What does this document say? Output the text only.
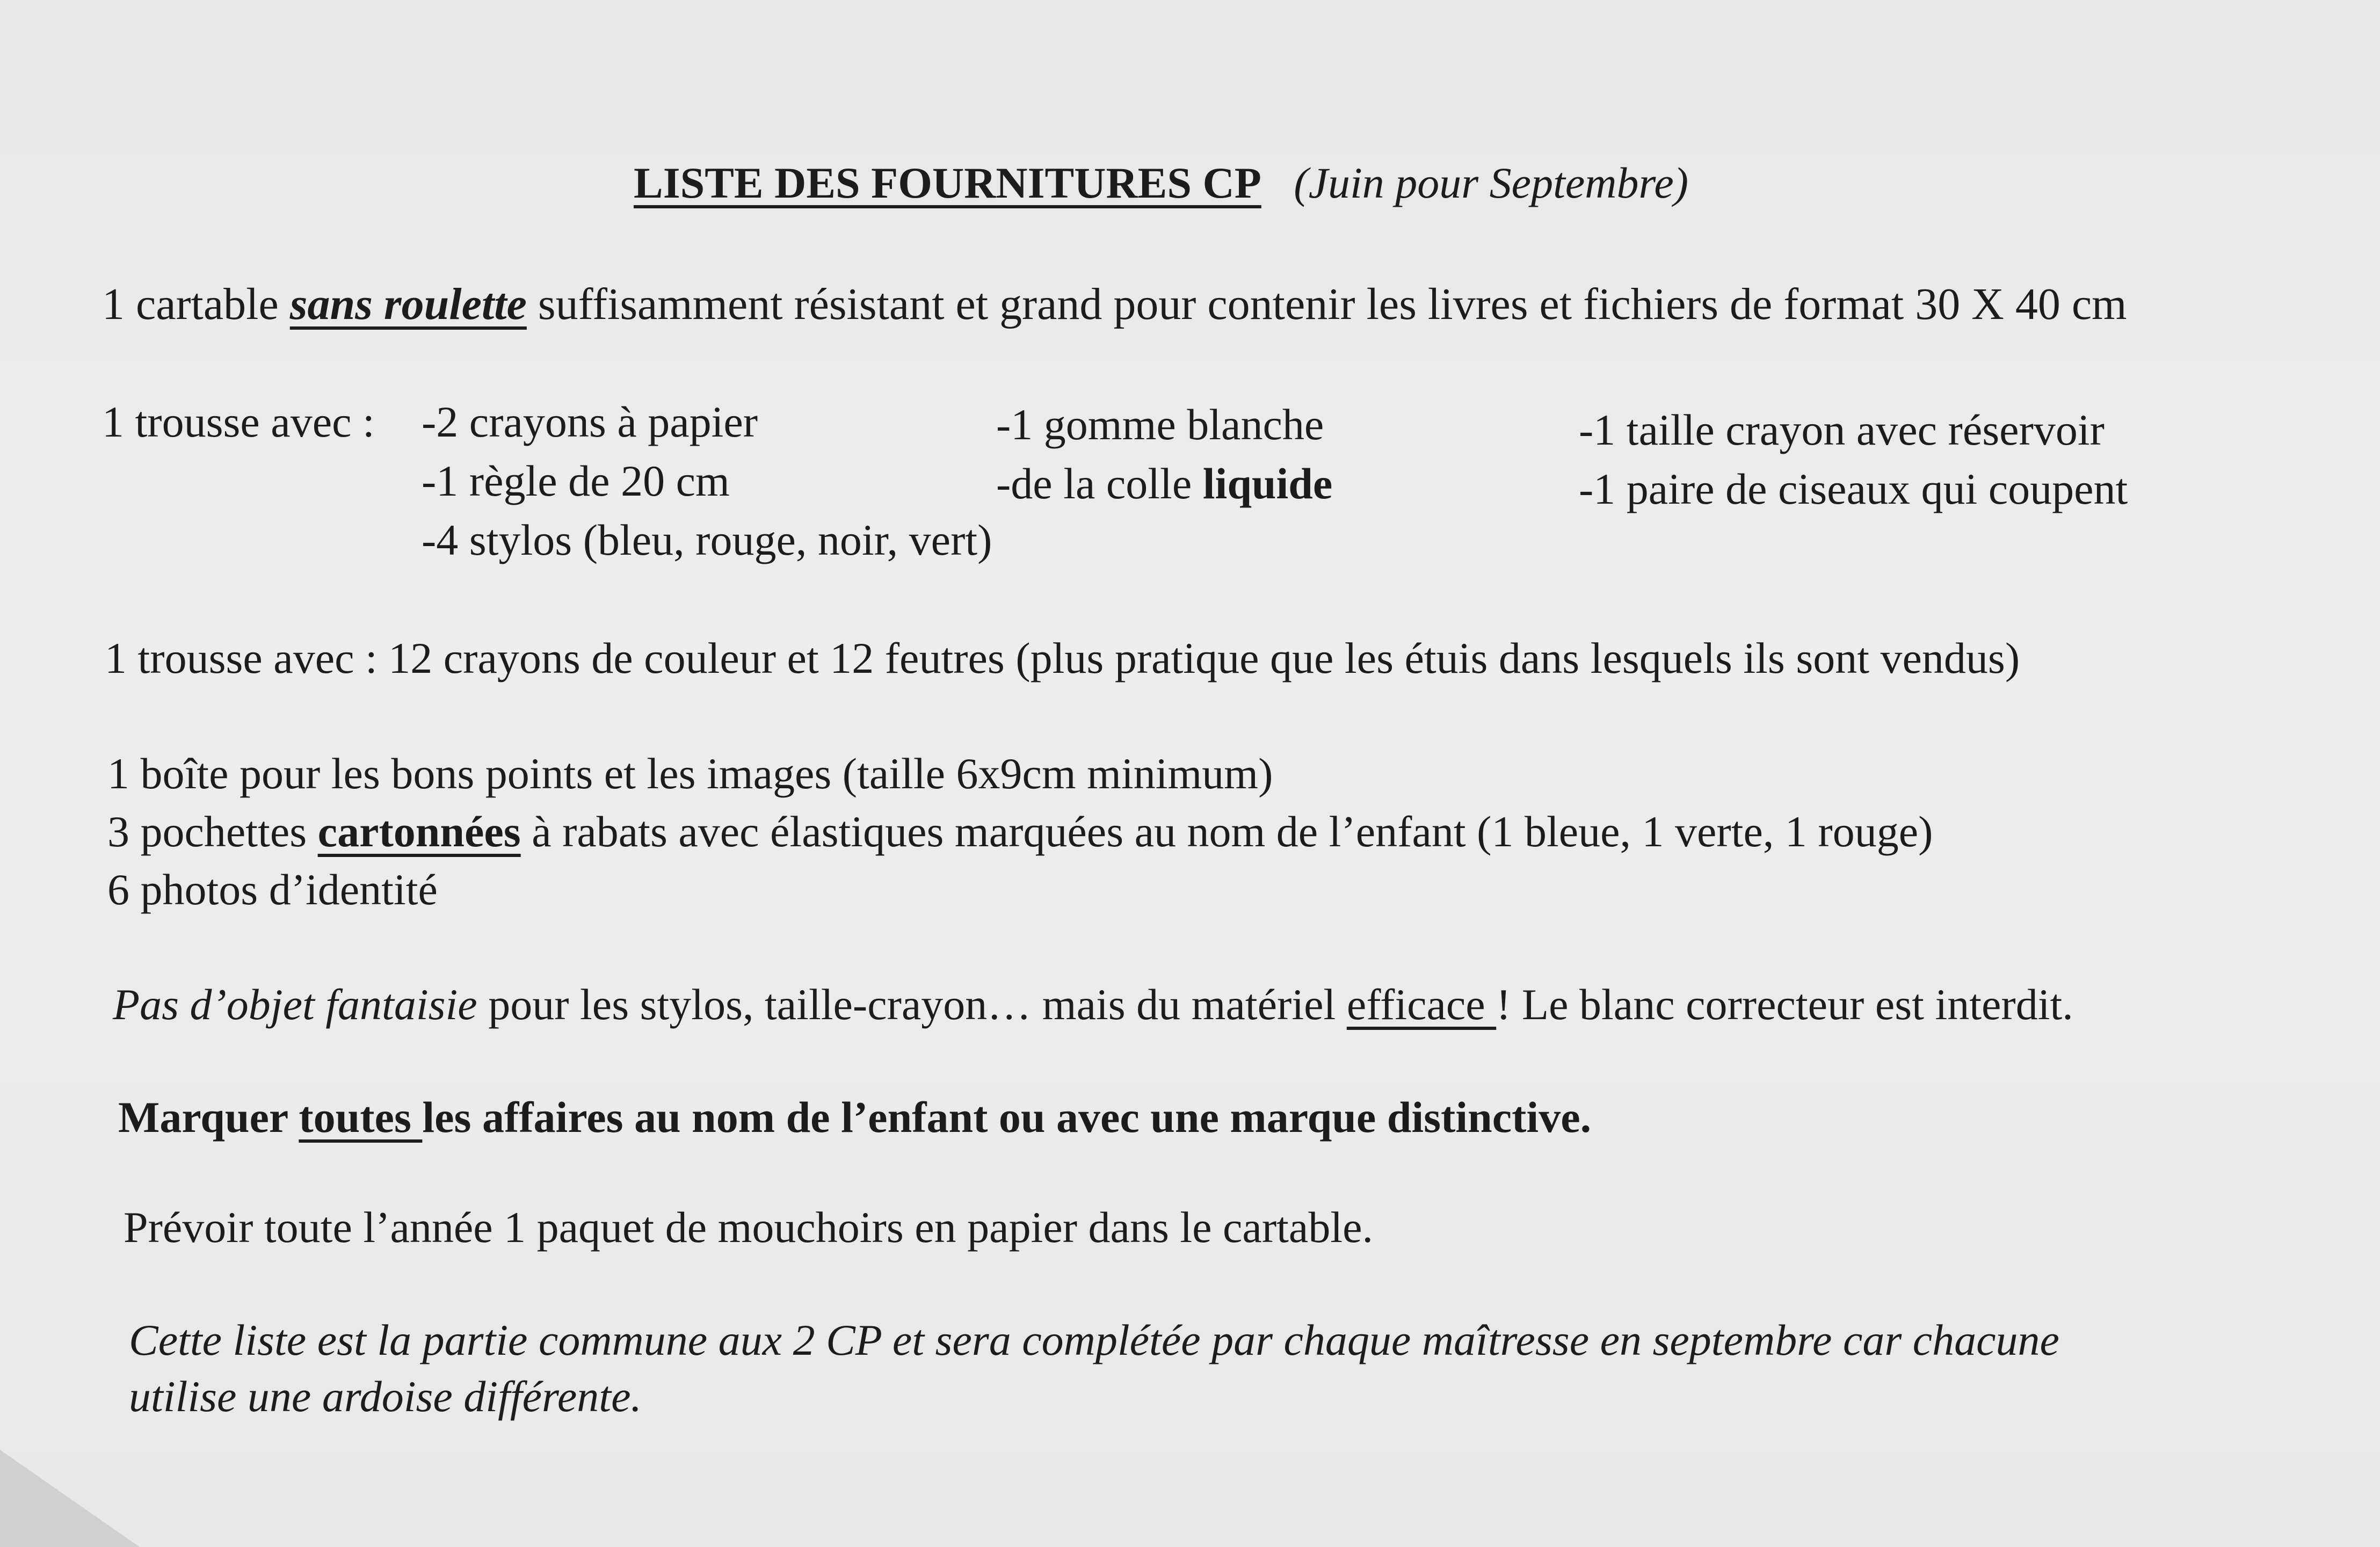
LISTE DES FOURNITURES CP (Juin pour Septembre)
1 cartable sans roulette suffisamment résistant et grand pour contenir les livres et fichiers de format 30 X 40 cm
1 trousse avec : -2 crayons à papier
-1 règle de 20 cm
-4 stylos (bleu, rouge, noir, vert)
-1 gomme blanche
-de la colle liquide
-1 taille crayon avec réservoir
-1 paire de ciseaux qui coupent
1 trousse avec : 12 crayons de couleur et 12 feutres (plus pratique que les étuis dans lesquels ils sont vendus)
1 boîte pour les bons points et les images (taille 6x9cm minimum)
3 pochettes cartonnées à rabats avec élastiques marquées au nom de l’enfant (1 bleue, 1 verte, 1 rouge)
6 photos d’identité
Pas d’objet fantaisie pour les stylos, taille-crayon… mais du matériel efficace ! Le blanc correcteur est interdit.
Marquer toutes les affaires au nom de l’enfant ou avec une marque distinctive.
Prévoir toute l’année 1 paquet de mouchoirs en papier dans le cartable.
Cette liste est la partie commune aux 2 CP et sera complétée par chaque maîtresse en septembre car chacune
utilise une ardoise différente.
